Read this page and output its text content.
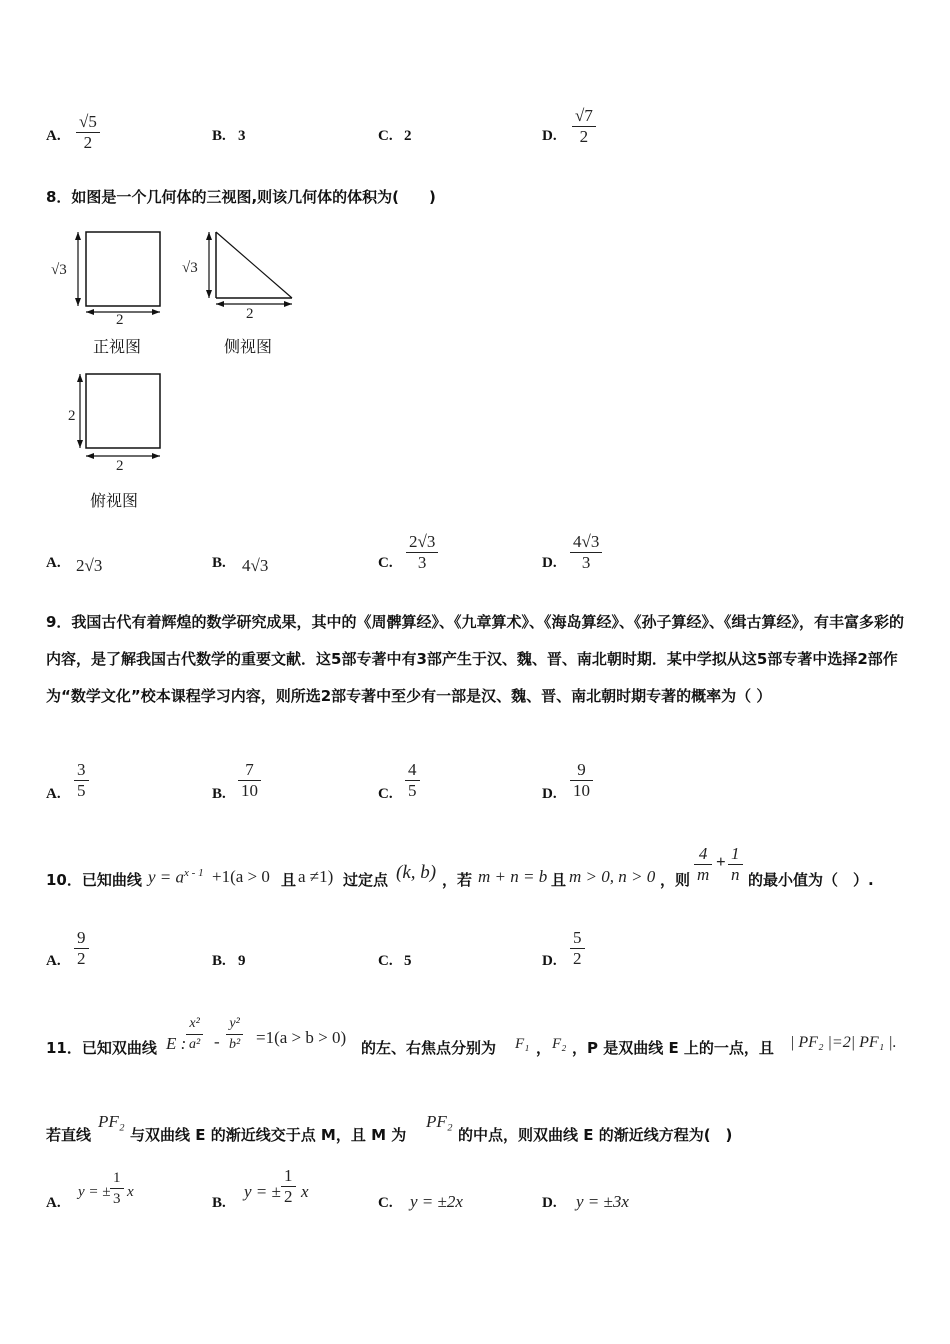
A.
√5
2	B. 3	C. 2	D.
√7
2
8．如图是一个几何体的三视图,则该几何体的体积为(　　)
√3
2
正视图
√3
2
侧视图
2
2
俯视图
A. 2√3	B. 4√3	C.
2√3
3	D.
4√3
3
9．我国古代有着辉煌的数学研究成果，其中的《周髀算经》、《九章算术》、《海岛算经》、《孙子算经》、《缉古算经》，有丰富多彩的内容，是了解我国古代数学的重要文献．这5部专著中有3部产生于汉、魏、晋、南北朝时期．某中学拟从这5部专著中选择2部作为“数学文化”校本课程学习内容，则所选2部专著中至少有一部是汉、魏、晋、南北朝时期专著的概率为（ ）
A.
3
5	B.
7
10	C.
4
5	D.
9
10
10．已知曲线 $y = a^{x - 1} +1(a > 0$ 且 a ≠1) 过定点 (k, b) ，若 m + n = b 且 m > 0, n > 0 ，则
4
m
+ 1
n 的最小值为（　）.
A.
9
2	B. 9	C. 5	D.
5
2
11．已知双曲线 E :
x²
a² -
y²
b² =1(a > b > 0)
的左、右焦点分别为 F₁ ， F₂ ，P 是双曲线 E 上的一点，且 | PF₂ |=2| PF₁ |.
若直线
PF₂
与双曲线 E 的渐近线交于点 M，且 M 为
PF₂
的中点，则双曲线 E 的渐近线方程为(　)
A.
y = ±
1
3 x
B.
y = ±
1
2 x
C. y = ±2x	D. y = ±3x
